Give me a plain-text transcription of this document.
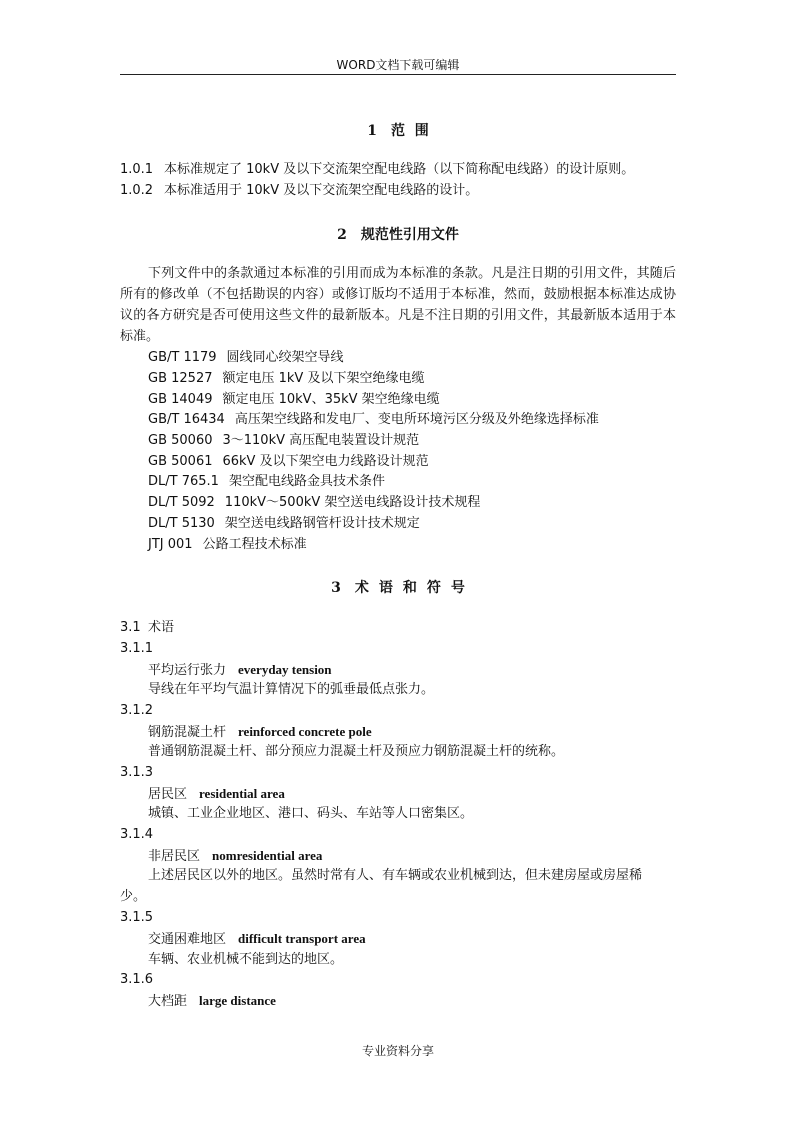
WORD文档下载可编辑
1 范  围
1.0.1 本标准规定了 10kV 及以下交流架空配电线路（以下简称配电线路）的设计原则。
1.0.2 本标准适用于 10kV 及以下交流架空配电线路的设计。
2 规范性引用文件
下列文件中的条款通过本标准的引用而成为本标准的条款。凡是注日期的引用文件，其随后所有的修改单（不包括勘误的内容）或修订版均不适用于本标准，然而，鼓励根据本标准达成协议的各方研究是否可使用这些文件的最新版本。凡是不注日期的引用文件，其最新版本适用于本标准。
GB/T 1179 圆线同心绞架空导线
GB 12527 额定电压 1kV 及以下架空绝缘电缆
GB 14049 额定电压 10kV、35kV 架空绝缘电缆
GB/T 16434 高压架空线路和发电厂、变电所环境污区分级及外绝缘选择标准
GB 50060 3～110kV 高压配电装置设计规范
GB 50061 66kV 及以下架空电力线路设计规范
DL/T 765.1 架空配电线路金具技术条件
DL/T 5092 110kV～500kV 架空送电线路设计技术规程
DL/T 5130 架空送电线路钢管杆设计技术规定
JTJ 001 公路工程技术标准
3 术语和符号
3.1 术语
3.1.1
平均运行张力 everyday tension
导线在年平均气温计算情况下的弧垂最低点张力。
3.1.2
钢筋混凝土杆 reinforced concrete pole
普通钢筋混凝土杆、部分预应力混凝土杆及预应力钢筋混凝土杆的统称。
3.1.3
居民区 residential area
城镇、工业企业地区、港口、码头、车站等人口密集区。
3.1.4
非居民区 nomresidential area
上述居民区以外的地区。虽然时常有人、有车辆或农业机械到达，但未建房屋或房屋稀
少。
3.1.5
交通困难地区 difficult transport area
车辆、农业机械不能到达的地区。
3.1.6
大档距 large distance
专业资料分享
